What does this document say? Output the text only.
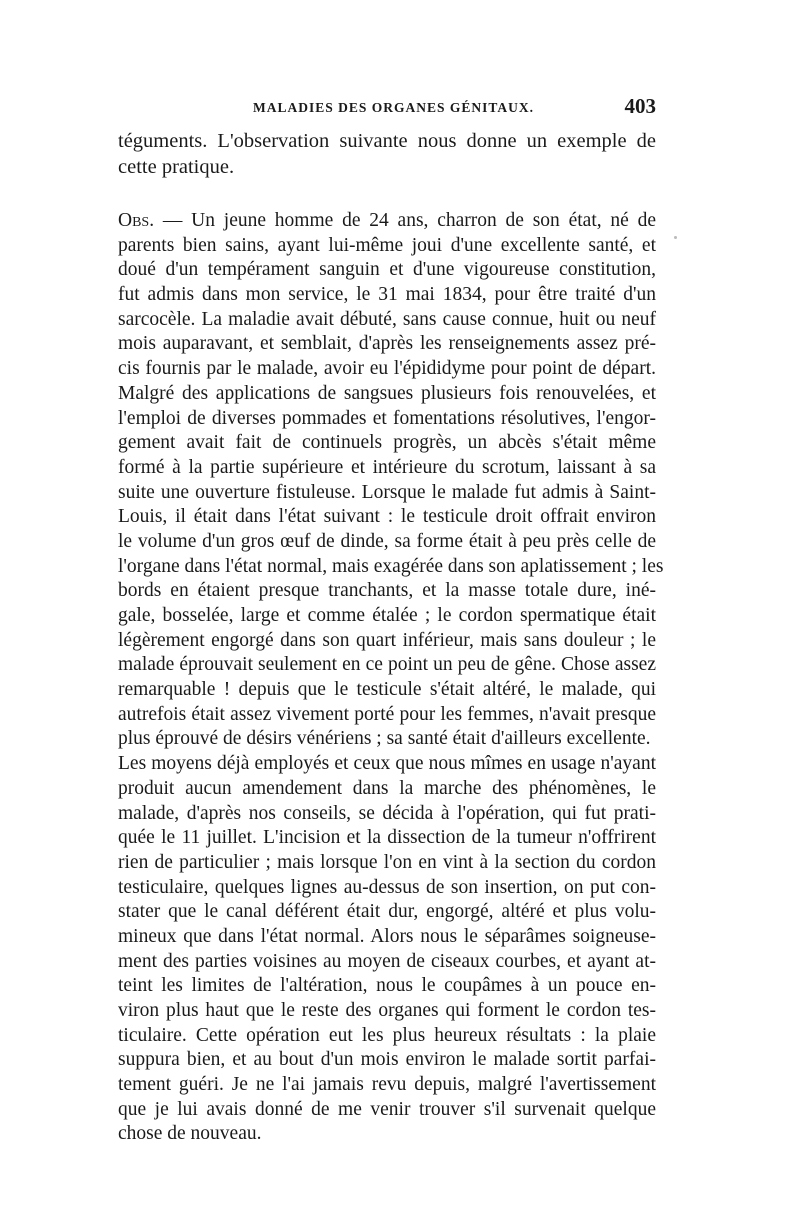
MALADIES DES ORGANES GÉNITAUX.	403
téguments. L'observation suivante nous donne un exemple de
cette pratique.
Obs. — Un jeune homme de 24 ans, charron de son état, né de
parents bien sains, ayant lui-même joui d'une excellente santé, et
doué d'un tempérament sanguin et d'une vigoureuse constitution,
fut admis dans mon service, le 31 mai 1834, pour être traité d'un
sarcocèle. La maladie avait débuté, sans cause connue, huit ou neuf
mois auparavant, et semblait, d'après les renseignements assez pré-
cis fournis par le malade, avoir eu l'épididyme pour point de départ.
Malgré des applications de sangsues plusieurs fois renouvelées, et
l'emploi de diverses pommades et fomentations résolutives, l'engor-
gement avait fait de continuels progrès, un abcès s'était même
formé à la partie supérieure et intérieure du scrotum, laissant à sa
suite une ouverture fistuleuse. Lorsque le malade fut admis à Saint-
Louis, il était dans l'état suivant : le testicule droit offrait environ
le volume d'un gros œuf de dinde, sa forme était à peu près celle de
l'organe dans l'état normal, mais exagérée dans son aplatissement ; les
bords en étaient presque tranchants, et la masse totale dure, iné-
gale, bosselée, large et comme étalée ; le cordon spermatique était
légèrement engorgé dans son quart inférieur, mais sans douleur ; le
malade éprouvait seulement en ce point un peu de gêne. Chose assez
remarquable ! depuis que le testicule s'était altéré, le malade, qui
autrefois était assez vivement porté pour les femmes, n'avait presque
plus éprouvé de désirs vénériens ; sa santé était d'ailleurs excellente.
Les moyens déjà employés et ceux que nous mîmes en usage n'ayant
produit aucun amendement dans la marche des phénomènes, le
malade, d'après nos conseils, se décida à l'opération, qui fut prati-
quée le 11 juillet. L'incision et la dissection de la tumeur n'offrirent
rien de particulier ; mais lorsque l'on en vint à la section du cordon
testiculaire, quelques lignes au-dessus de son insertion, on put con-
stater que le canal déférent était dur, engorgé, altéré et plus volu-
mineux que dans l'état normal. Alors nous le séparâmes soigneuse-
ment des parties voisines au moyen de ciseaux courbes, et ayant at-
teint les limites de l'altération, nous le coupâmes à un pouce en-
viron plus haut que le reste des organes qui forment le cordon tes-
ticulaire. Cette opération eut les plus heureux résultats : la plaie
suppura bien, et au bout d'un mois environ le malade sortit parfai-
tement guéri. Je ne l'ai jamais revu depuis, malgré l'avertissement
que je lui avais donné de me venir trouver s'il survenait quelque
chose de nouveau.
